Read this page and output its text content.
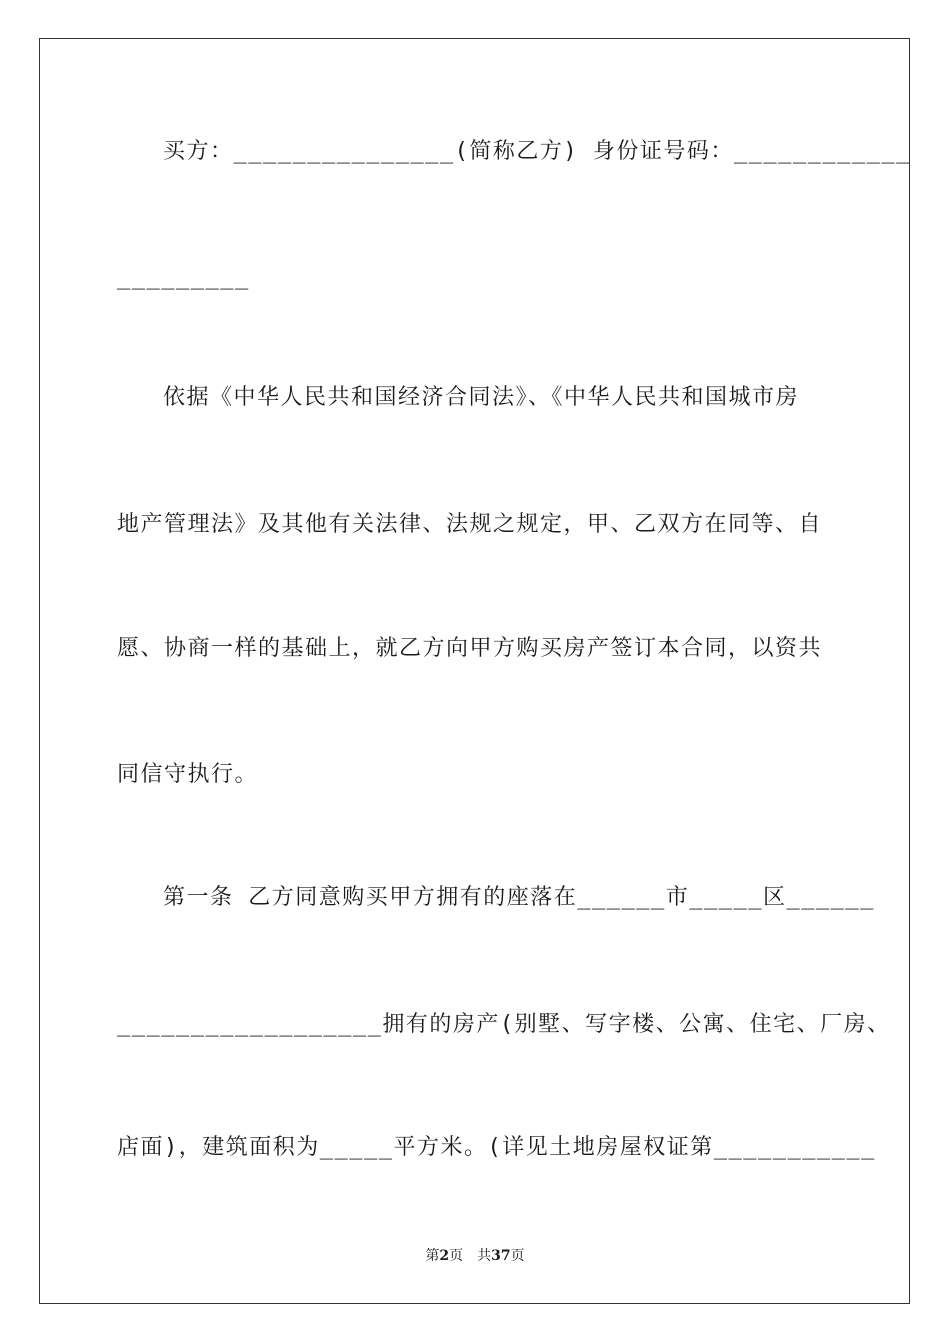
买方：_______________(简称乙方) 身份证号码：____________
_________
依据《中华人民共和国经济合同法》、《中华人民共和国城市房
地产管理法》及其他有关法律、法规之规定，甲、乙双方在同等、自
愿、协商一样的基础上，就乙方向甲方购买房产签订本合同，以资共
同信守执行。
第一条 乙方同意购买甲方拥有的座落在______市_____区______
__________________拥有的房产(别墅、写字楼、公寓、住宅、厂房、
店面)，建筑面积为_____平方米。(详见土地房屋权证第___________
第2页 共37页
